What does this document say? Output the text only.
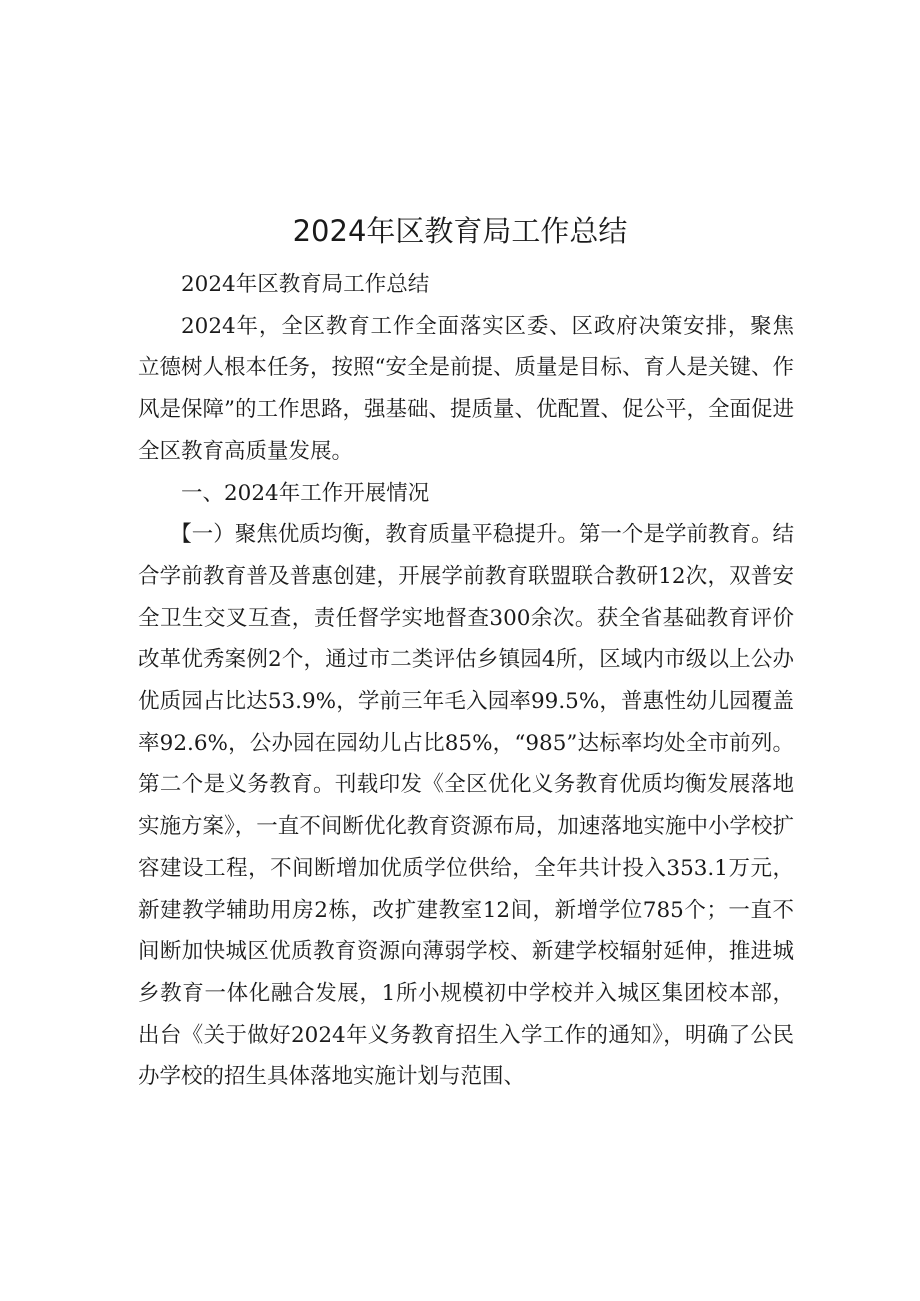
2024年区教育局工作总结

2024年区教育局工作总结

2024年，全区教育工作全面落实区委、区政府决策安排，聚焦立德树人根本任务，按照“安全是前提、质量是目标、育人是关键、作风是保障”的工作思路，强基础、提质量、优配置、促公平，全面促进全区教育高质量发展。

一、2024年工作开展情况

【一）聚焦优质均衡，教育质量平稳提升。第一个是学前教育。结合学前教育普及普惠创建，开展学前教育联盟联合教研12次，双普安全卫生交叉互查，责任督学实地督查300余次。获全省基础教育评价改革优秀案例2个，通过市二类评估乡镇园4所，区域内市级以上公办优质园占比达53.9%，学前三年毛入园率99.5%，普惠性幼儿园覆盖率92.6%，公办园在园幼儿占比85%，“985”达标率均处全市前列。第二个是义务教育。刊载印发《全区优化义务教育优质均衡发展落地实施方案》，一直不间断优化教育资源布局，加速落地实施中小学校扩容建设工程，不间断增加优质学位供给，全年共计投入353.1万元，新建教学辅助用房2栋，改扩建教室12间，新增学位785个；一直不间断加快城区优质教育资源向薄弱学校、新建学校辐射延伸，推进城乡教育一体化融合发展，1所小规模初中学校并入城区集团校本部，出台《关于做好2024年义务教育招生入学工作的通知》，明确了公民办学校的招生具体落地实施计划与范围、
